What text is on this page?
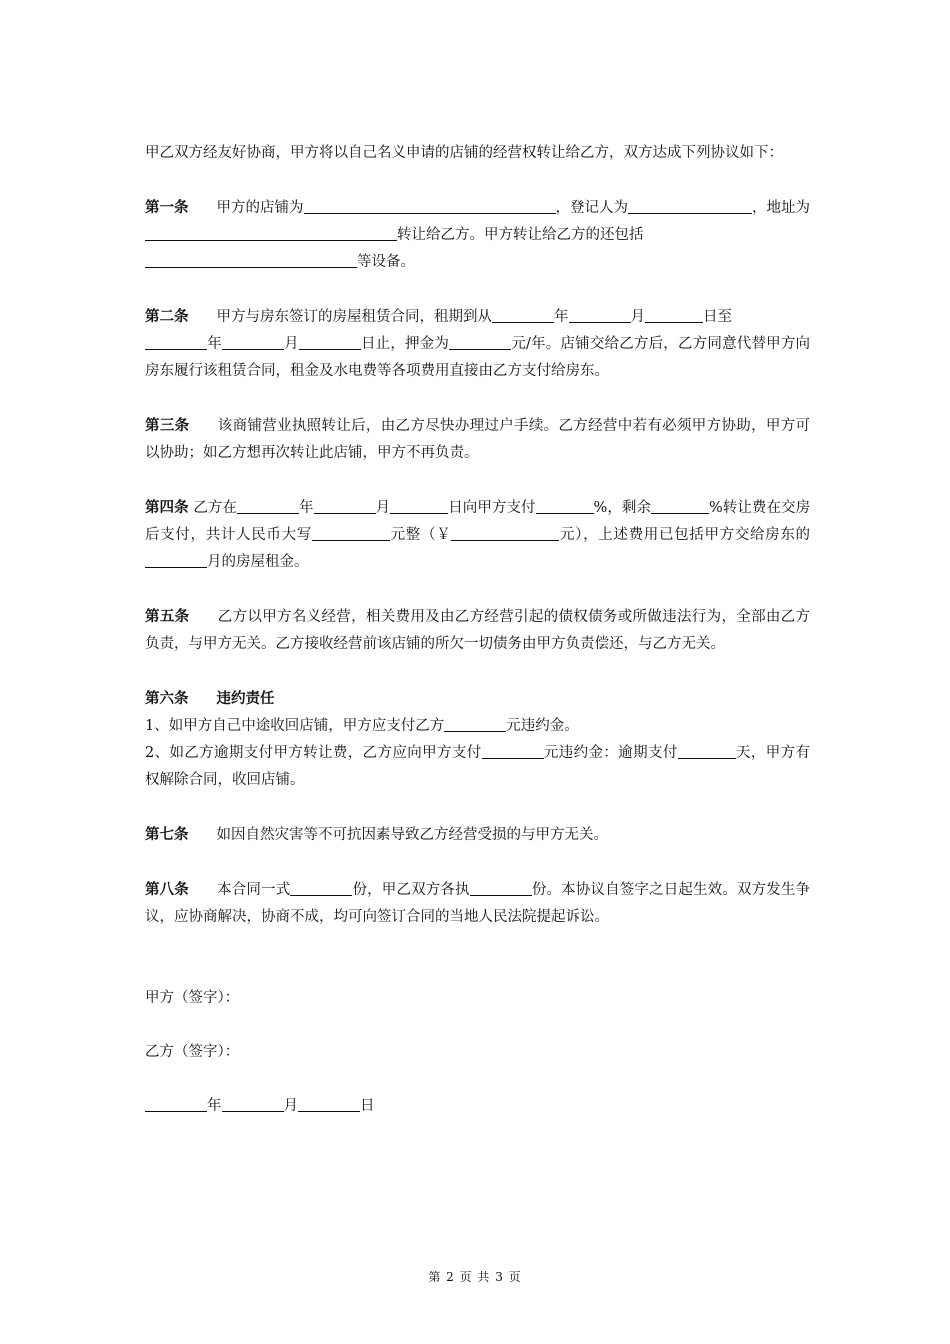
甲乙双方经友好协商，甲方将以自己名义申请的店铺的经营权转让给乙方，双方达成下列协议如下：

第一条 甲方的店铺为	，登记人为	，地址为转让给乙方。甲方转让给乙方的还包括
等设备。

第二条 甲方与房东签订的房屋租赁合同，租期到从	年	月	日至
年	月	日止，押金为	元/年。店铺交给乙方后，乙方同意代替甲方向房东履行该租赁合同，租金及水电费等各项费用直接由乙方支付给房东。

第三条 该商铺营业执照转让后，由乙方尽快办理过户手续。乙方经营中若有必须甲方协助，甲方可以协助；如乙方想再次转让此店铺，甲方不再负责。

第四条 乙方在	年	月	日向甲方支付	%，剩余	%转让费在交房后支付，共计人民币大写	元整（￥	元），上述费用已包括甲方交给房东的月的房屋租金。

第五条 乙方以甲方名义经营，相关费用及由乙方经营引起的债权债务或所做违法行为，全部由乙方负责，与甲方无关。乙方接收经营前该店铺的所欠一切债务由甲方负责偿还，与乙方无关。

第六条 违约责任

1、如甲方自己中途收回店铺，甲方应支付乙方	元违约金。

2、如乙方逾期支付甲方转让费，乙方应向甲方支付	元违约金：逾期支付	天，甲方有权解除合同，收回店铺。

第七条 如因自然灾害等不可抗因素导致乙方经营受损的与甲方无关。

第八条 本合同一式	份，甲乙双方各执	份。本协议自签字之日起生效。双方发生争议，应协商解决，协商不成，均可向签订合同的当地人民法院提起诉讼。

甲方（签字）：

乙方（签字）：

年	月	日

第 2 页 共 3 页
